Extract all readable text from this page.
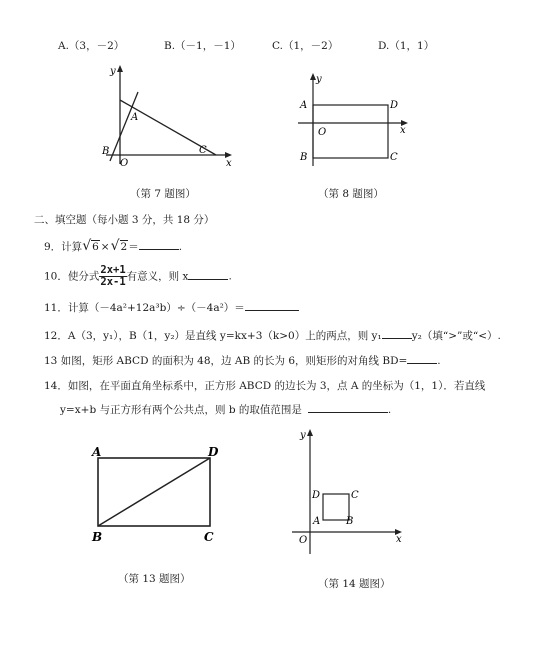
A.（3，－2）	B.（－1，－1）	C.（1，－2）	D.（1，1）
y
A
B
O
C
x
（第 7 题图）
y
A	D
O	x
B	C
（第 8 题图）
二、填空题（每小题 3 分，共 18 分）
9．计算√6 ×√2＝	.
10．使分式 $\frac{2x+1}{2x-1}$ 有意义，则 x	.
11．计算（－4a²+12a³b）÷（－4a²）＝
12．A（3，y₁），B（1，y₂）是直线 y=kx+3（k>0）上的两点，则 y₁	y₂（填“>”或“<）.
13 如图，矩形 ABCD 的面积为 48，边 AB 的长为 6，则矩形的对角线 BD=	.
14．如图，在平面直角坐标系中，正方形 ABCD 的边长为 3，点 A 的坐标为（1，1）．若直线
y=x+b 与正方形有两个公共点，则 b 的取值范围是	.
A	D
B	C
（第 13 题图）
y
D	C
A	B
O	x
（第 14 题图）
